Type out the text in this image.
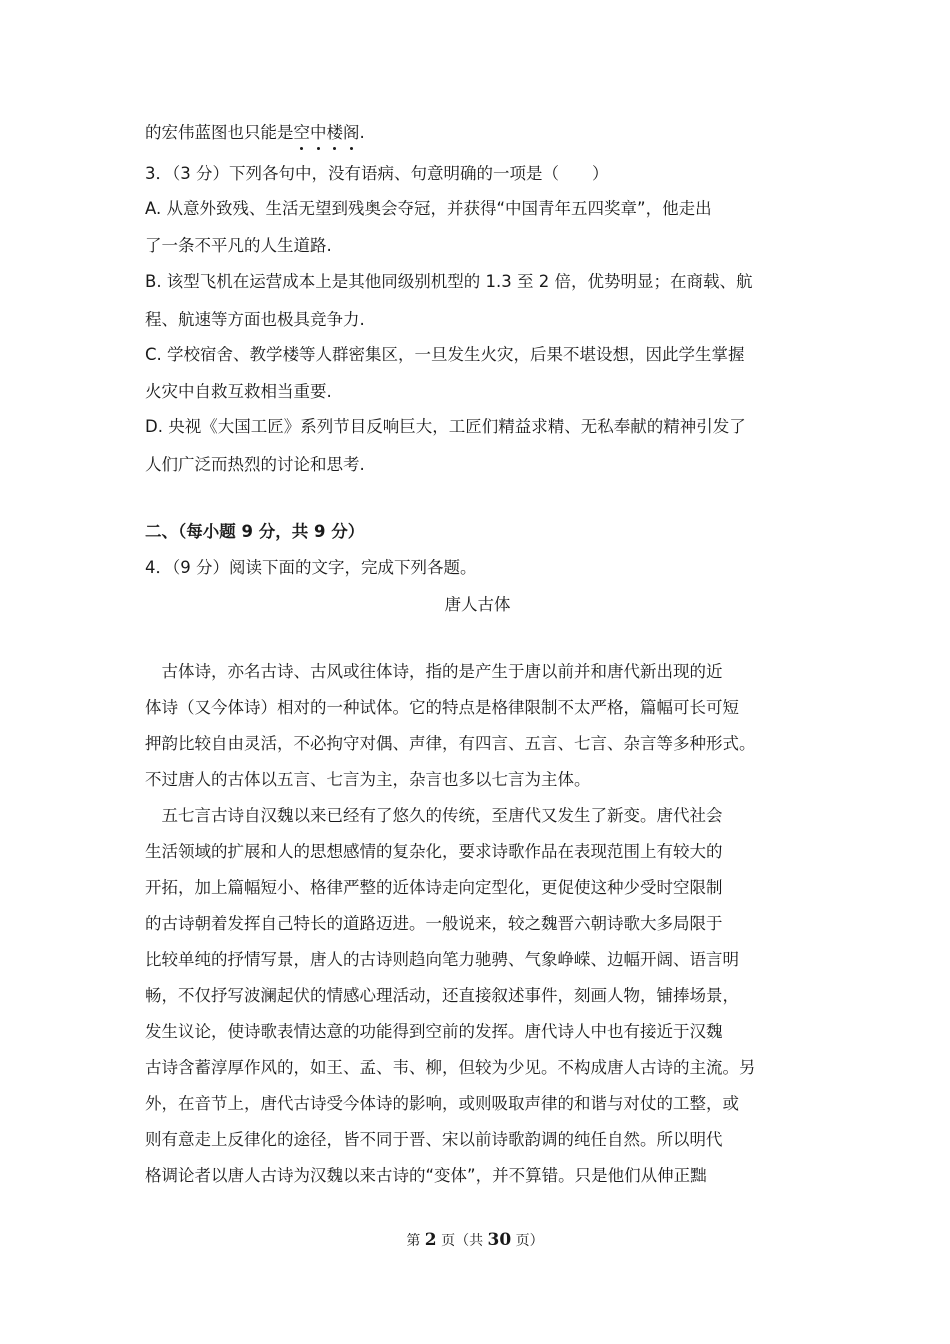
的宏伟蓝图也只能是空中楼阁.
3．（3 分）下列各句中，没有语病、句意明确的一项是（　　）
A. 从意外致残、生活无望到残奥会夺冠，并获得“中国青年五四奖章”，他走出
了一条不平凡的人生道路.
B. 该型飞机在运营成本上是其他同级别机型的 1.3 至 2 倍，优势明显；在商载、航
程、航速等方面也极具竞争力.
C. 学校宿舍、教学楼等人群密集区，一旦发生火灾，后果不堪设想，因此学生掌握
火灾中自救互救相当重要.
D. 央视《大国工匠》系列节目反响巨大，工匠们精益求精、无私奉献的精神引发了
人们广泛而热烈的讨论和思考.
二、（每小题 9 分，共 9 分）
4．（9 分）阅读下面的文字，完成下列各题。
唐人古体
　古体诗，亦名古诗、古风或往体诗，指的是产生于唐以前并和唐代新出现的近
体诗（又今体诗）相对的一种试体。它的特点是格律限制不太严格，篇幅可长可短
押韵比较自由灵活，不必拘守对偶、声律，有四言、五言、七言、杂言等多种形式。
不过唐人的古体以五言、七言为主，杂言也多以七言为主体。
　五七言古诗自汉魏以来已经有了悠久的传统，至唐代又发生了新变。唐代社会
生活领域的扩展和人的思想感情的复杂化，要求诗歌作品在表现范围上有较大的
开拓，加上篇幅短小、格律严整的近体诗走向定型化，更促使这种少受时空限制
的古诗朝着发挥自己特长的道路迈进。一般说来，较之魏晋六朝诗歌大多局限于
比较单纯的抒情写景，唐人的古诗则趋向笔力驰骋、气象峥嵘、边幅开阔、语言明
畅，不仅抒写波澜起伏的情感心理活动，还直接叙述事件，刻画人物，铺捧场景，
发生议论，使诗歌表情达意的功能得到空前的发挥。唐代诗人中也有接近于汉魏
古诗含蓄淳厚作风的，如王、孟、韦、柳，但较为少见。不构成唐人古诗的主流。另
外，在音节上，唐代古诗受今体诗的影响，或则吸取声律的和谐与对仗的工整，或
则有意走上反律化的途径，皆不同于晋、宋以前诗歌韵调的纯任自然。所以明代
格调论者以唐人古诗为汉魏以来古诗的“变体”，并不算错。只是他们从伸正黜
第 2 页（共 30 页）
